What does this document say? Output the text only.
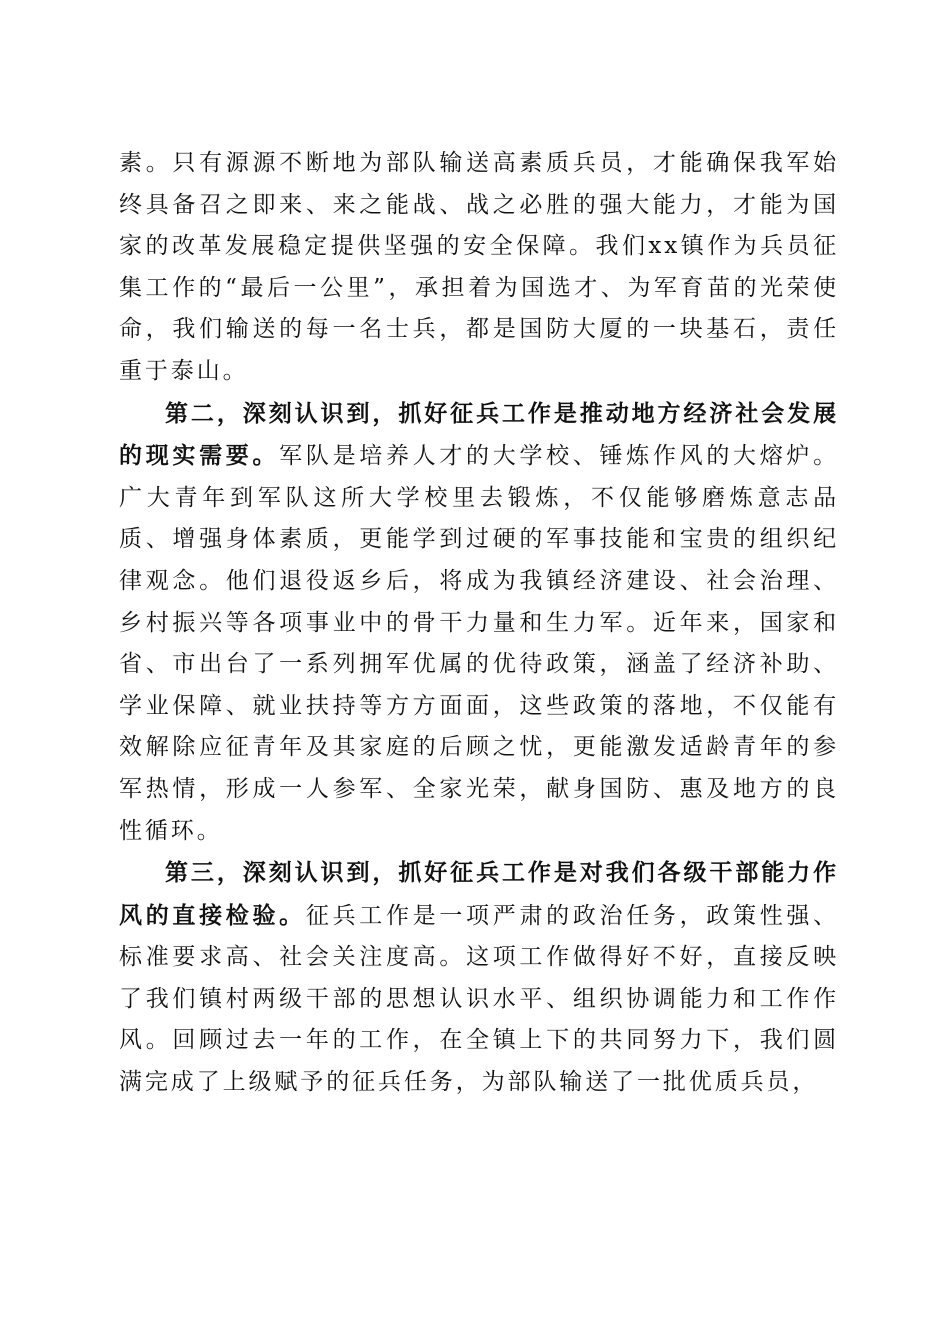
素。只有源源不断地为部队输送高素质兵员，才能确保我军始终具备召之即来、来之能战、战之必胜的强大能力，才能为国家的改革发展稳定提供坚强的安全保障。我们xx镇作为兵员征集工作的“最后一公里”，承担着为国选才、为军育苗的光荣使命，我们输送的每一名士兵，都是国防大厦的一块基石，责任重于泰山。

第二，深刻认识到，抓好征兵工作是推动地方经济社会发展的现实需要。军队是培养人才的大学校、锤炼作风的大熔炉。广大青年到军队这所大学校里去锻炼，不仅能够磨炼意志品质、增强身体素质，更能学到过硬的军事技能和宝贵的组织纪律观念。他们退役返乡后，将成为我镇经济建设、社会治理、乡村振兴等各项事业中的骨干力量和生力军。近年来，国家和省、市出台了一系列拥军优属的优待政策，涵盖了经济补助、学业保障、就业扶持等方方面面，这些政策的落地，不仅能有效解除应征青年及其家庭的后顾之忧，更能激发适龄青年的参军热情，形成一人参军、全家光荣，献身国防、惠及地方的良性循环。

第三，深刻认识到，抓好征兵工作是对我们各级干部能力作风的直接检验。征兵工作是一项严肃的政治任务，政策性强、标准要求高、社会关注度高。这项工作做得好不好，直接反映了我们镇村两级干部的思想认识水平、组织协调能力和工作作风。回顾过去一年的工作，在全镇上下的共同努力下，我们圆满完成了上级赋予的征兵任务，为部队输送了一批优质兵员，
